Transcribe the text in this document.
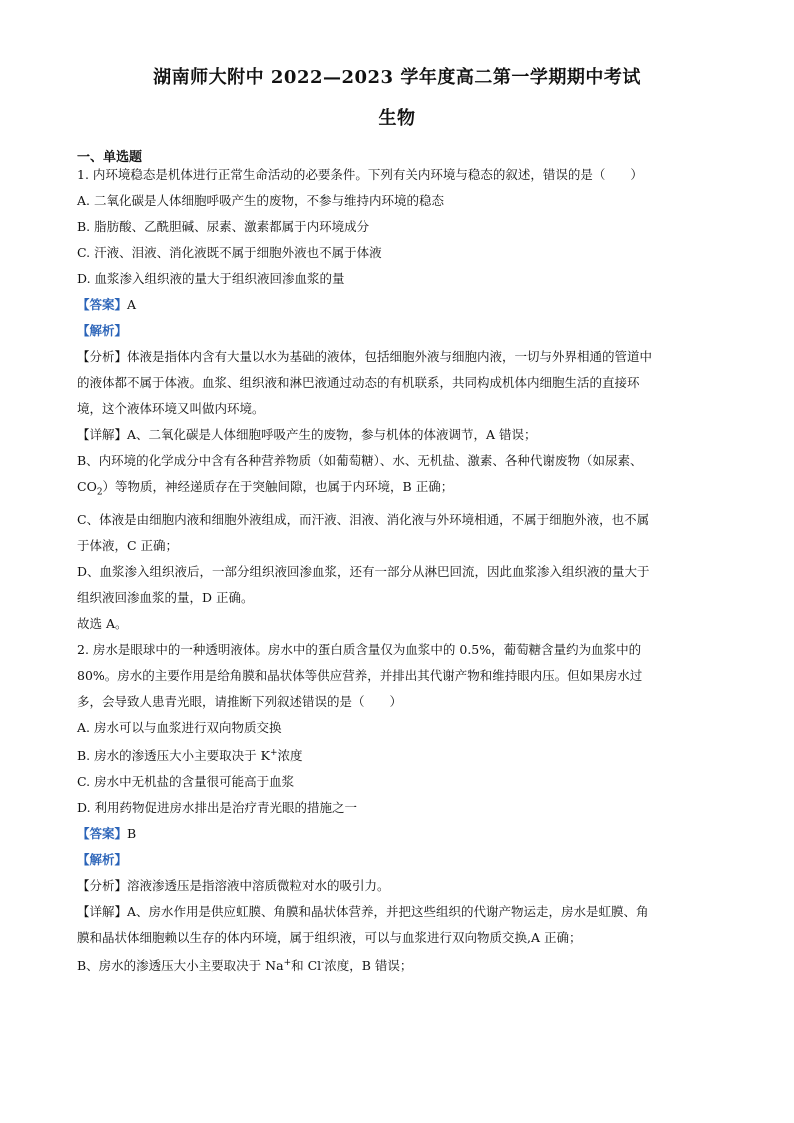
湖南师大附中 2022—2023 学年度高二第一学期期中考试
生物
一、单选题
1. 内环境稳态是机体进行正常生命活动的必要条件。下列有关内环境与稳态的叙述，错误的是（　　）
A. 二氧化碳是人体细胞呼吸产生的废物，不参与维持内环境的稳态
B. 脂肪酸、乙酰胆碱、尿素、激素都属于内环境成分
C. 汗液、泪液、消化液既不属于细胞外液也不属于体液
D. 血浆渗入组织液的量大于组织液回渗血浆的量
【答案】A
【解析】
【分析】体液是指体内含有大量以水为基础的液体，包括细胞外液与细胞内液，一切与外界相通的管道中
的液体都不属于体液。血浆、组织液和淋巴液通过动态的有机联系，共同构成机体内细胞生活的直接环
境，这个液体环境又叫做内环境。
【详解】A、二氧化碳是人体细胞呼吸产生的废物，参与机体的体液调节，A 错误；
B、内环境的化学成分中含有各种营养物质（如葡萄糖）、水、无机盐、激素、各种代谢废物（如尿素、
$CO_2$）等物质，神经递质存在于突触间隙，也属于内环境，B 正确；
C、体液是由细胞内液和细胞外液组成，而汗液、泪液、消化液与外环境相通，不属于细胞外液，也不属
于体液，C 正确；
D、血浆渗入组织液后，一部分组织液回渗血浆，还有一部分从淋巴回流，因此血浆渗入组织液的量大于
组织液回渗血浆的量，D 正确。
故选 A。
2. 房水是眼球中的一种透明液体。房水中的蛋白质含量仅为血浆中的 0.5%，葡萄糖含量约为血浆中的
80%。房水的主要作用是给角膜和晶状体等供应营养，并排出其代谢产物和维持眼内压。但如果房水过
多，会导致人患青光眼，请推断下列叙述错误的是（　　）
A. 房水可以与血浆进行双向物质交换
B. 房水的渗透压大小主要取决于 K+浓度
C. 房水中无机盐的含量很可能高于血浆
D. 利用药物促进房水排出是治疗青光眼的措施之一
【答案】B
【解析】
【分析】溶液渗透压是指溶液中溶质微粒对水的吸引力。
【详解】A、房水作用是供应虹膜、角膜和晶状体营养，并把这些组织的代谢产物运走，房水是虹膜、角
膜和晶状体细胞赖以生存的体内环境，属于组织液，可以与血浆进行双向物质交换,A 正确；
B、房水的渗透压大小主要取决于 Na+和 Cl-浓度，B 错误；
